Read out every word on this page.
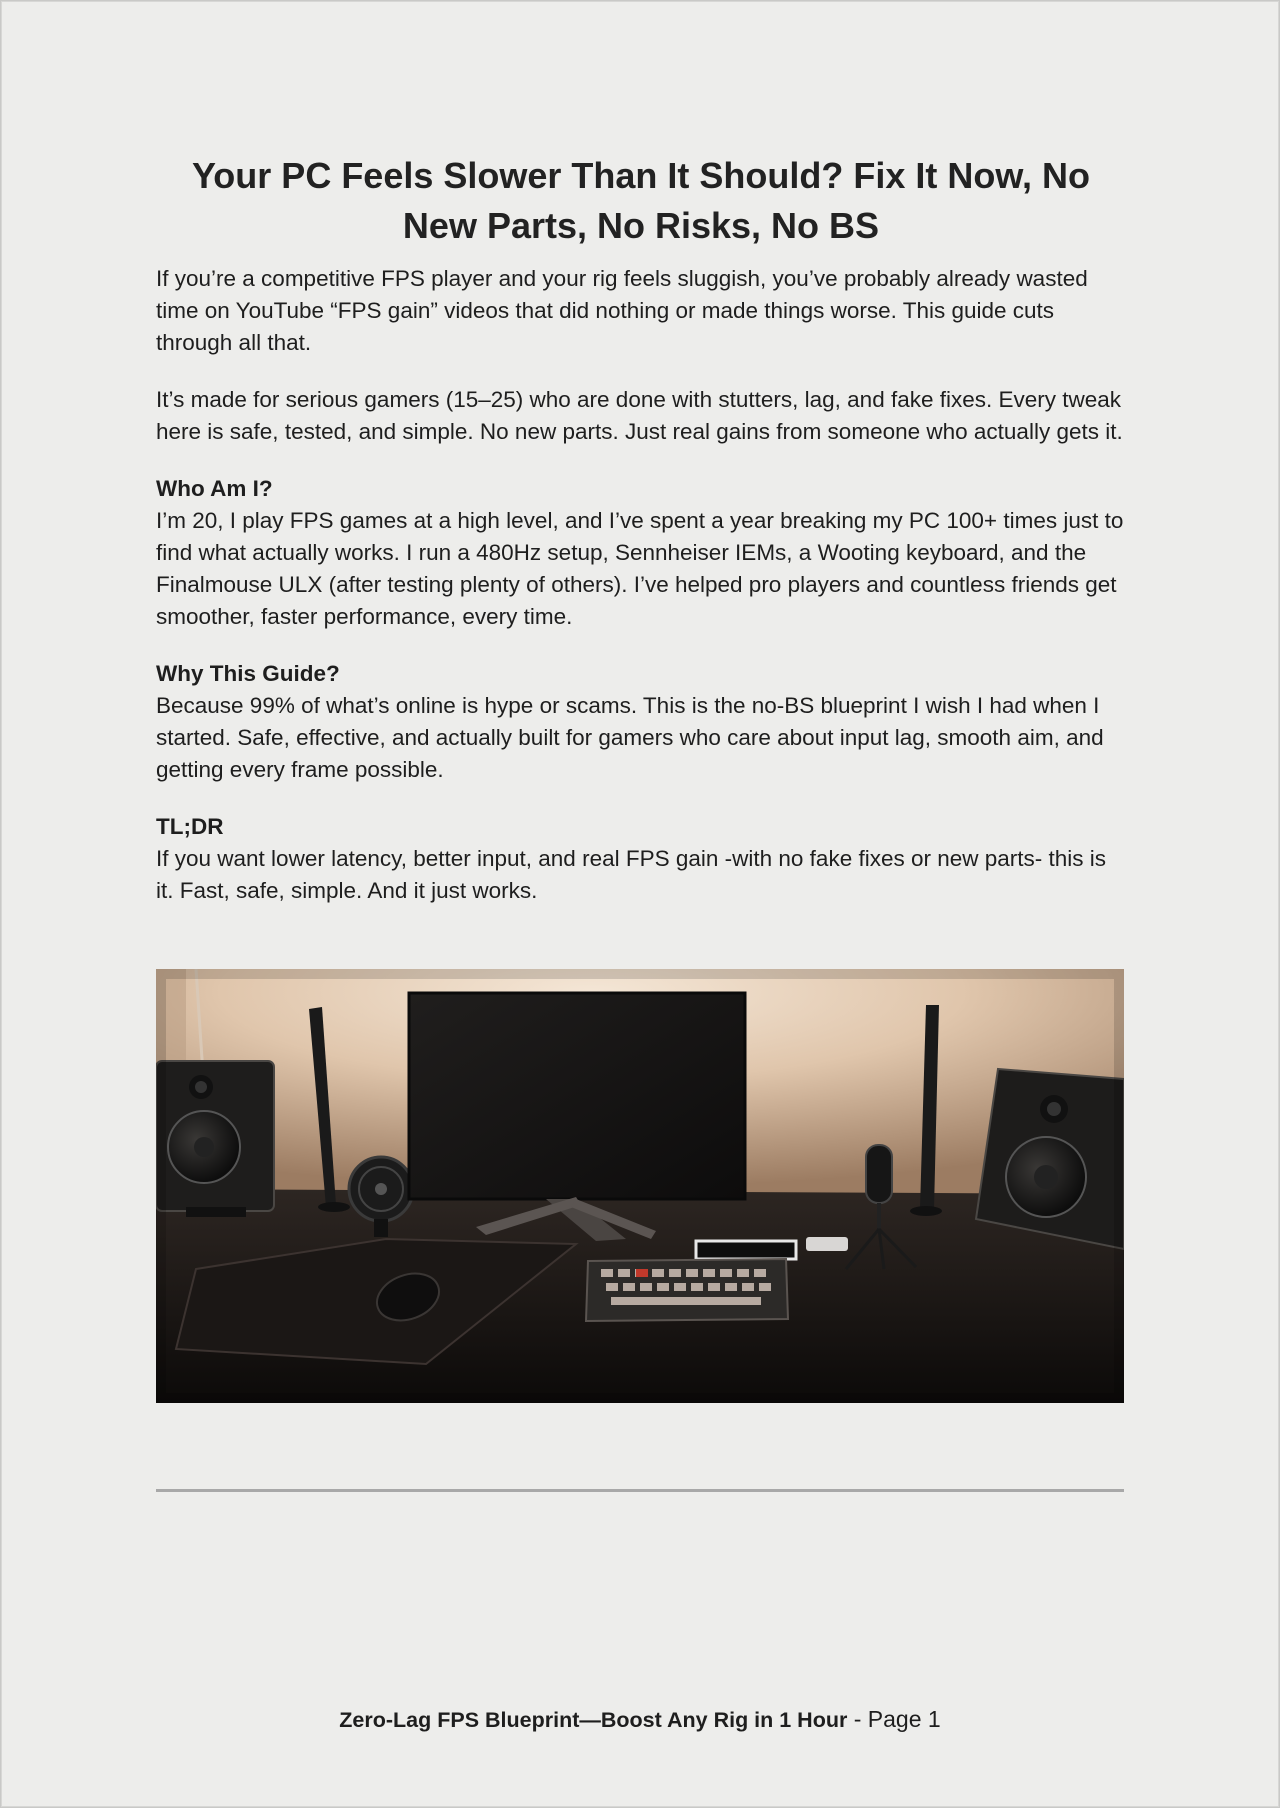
Your PC Feels Slower Than It Should? Fix It Now, No New Parts, No Risks, No BS

If you’re a competitive FPS player and your rig feels sluggish, you’ve probably already wasted time on YouTube “FPS gain” videos that did nothing or made things worse. This guide cuts through all that.

It’s made for serious gamers (15–25) who are done with stutters, lag, and fake fixes. Every tweak here is safe, tested, and simple. No new parts. Just real gains from someone who actually gets it.

Who Am I?

I’m 20, I play FPS games at a high level, and I’ve spent a year breaking my PC 100+ times just to find what actually works. I run a 480Hz setup, Sennheiser IEMs, a Wooting keyboard, and the Finalmouse ULX (after testing plenty of others). I’ve helped pro players and countless friends get smoother, faster performance, every time.

Why This Guide?

Because 99% of what’s online is hype or scams. This is the no-BS blueprint I wish I had when I started. Safe, effective, and actually built for gamers who care about input lag, smooth aim, and getting every frame possible.

TL;DR

If you want lower latency, better input, and real FPS gain -with no fake fixes or new parts- this is it. Fast, safe, simple. And it just works.

Zero-Lag FPS Blueprint—Boost Any Rig in 1 Hour - Page 1
